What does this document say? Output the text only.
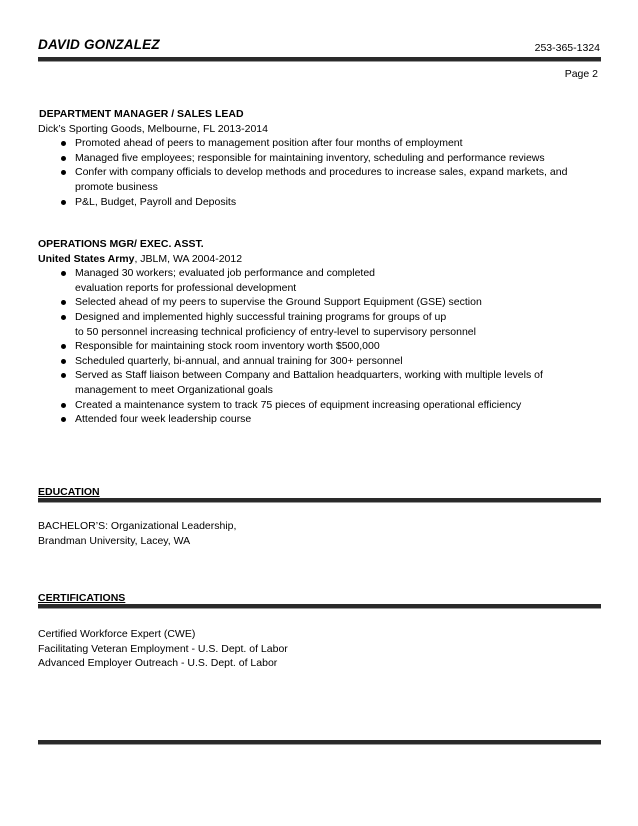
DAVID GONZALEZ	253-365-1324
Page 2
DEPARTMENT MANAGER / SALES LEAD
Dick’s Sporting Goods, Melbourne, FL 2013-2014
Promoted ahead of peers to management position after four months of employment
Managed five employees; responsible for maintaining inventory, scheduling and performance reviews
Confer with company officials to develop methods and procedures to increase sales, expand markets, and
promote business
P&L, Budget, Payroll and Deposits
OPERATIONS MGR/ EXEC. ASST.
United States Army, JBLM, WA 2004-2012
Managed 30 workers; evaluated job performance and completed
evaluation reports for professional development
Selected ahead of my peers to supervise the Ground Support Equipment (GSE) section
Designed and implemented highly successful training programs for groups of up
to 50 personnel increasing technical proficiency of entry-level to supervisory personnel
Responsible for maintaining stock room inventory worth $500,000
Scheduled quarterly, bi-annual, and annual training for 300+ personnel
Served as Staff liaison between Company and Battalion headquarters, working with multiple levels of
management to meet Organizational goals
Created a maintenance system to track 75 pieces of equipment increasing operational efficiency
Attended four week leadership course
EDUCATION
BACHELOR’S: Organizational Leadership,
Brandman University, Lacey, WA
CERTIFICATIONS
Certified Workforce Expert (CWE)
Facilitating Veteran Employment - U.S. Dept. of Labor
Advanced Employer Outreach - U.S. Dept. of Labor
